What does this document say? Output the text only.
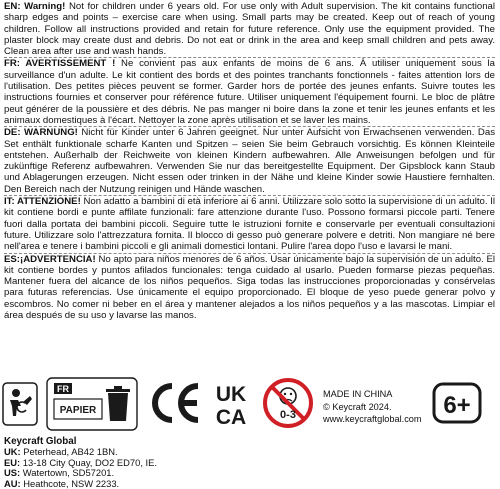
EN: Warning! Not for children under 6 years old. For use only with Adult supervision. The kit contains functional sharp edges and points – exercise care when using. Small parts may be created. Keep out of reach of young children. Follow all instructions provided and retain for future reference. Only use the equipment provided. The plaster block may create dust and debris. Do not eat or drink in the area and keep small children and pets away. Clean area after use and wash hands.

FR: AVERTISSEMENT ! Ne convient pas aux enfants de moins de 6 ans. À utiliser uniquement sous la surveillance d'un adulte. Le kit contient des bords et des pointes tranchants fonctionnels - faites attention lors de l'utilisation. Des petites pièces peuvent se former. Garder hors de portée des jeunes enfants. Suivre toutes les instructions fournies et conserver pour référence future. Utiliser uniquement l'équipement fourni. Le bloc de plâtre peut générer de la poussière et des débris. Ne pas manger ni boire dans la zone et tenir les jeunes enfants et les animaux domestiques à l'écart. Nettoyer la zone après utilisation et se laver les mains.

DE: WARNUNG! Nicht für Kinder unter 6 Jahren geeignet. Nur unter Aufsicht von Erwachsenen verwenden. Das Set enthält funktionale scharfe Kanten und Spitzen – seien Sie beim Gebrauch vorsichtig. Es können Kleinteile entstehen. Außerhalb der Reichweite von kleinen Kindern aufbewahren. Alle Anweisungen befolgen und für zukünftige Referenz aufbewahren. Verwenden Sie nur das bereitgestellte Equipment. Der Gipsblock kann Staub und Ablagerungen erzeugen. Nicht essen oder trinken in der Nähe und kleine Kinder sowie Haustiere fernhalten. Den Bereich nach der Nutzung reinigen und Hände waschen.

IT: ATTENZIONE! Non adatto a bambini di età inferiore ai 6 anni. Utilizzare solo sotto la supervisione di un adulto. Il kit contiene bordi e punte affilate funzionali: fare attenzione durante l'uso. Possono formarsi piccole parti. Tenere fuori dalla portata dei bambini piccoli. Seguire tutte le istruzioni fornite e conservarle per eventuali consultazioni future. Utilizzare solo l'attrezzatura fornita. Il blocco di gesso può generare polvere e detriti. Non mangiare né bere nell'area e tenere i bambini piccoli e gli animali domestici lontani. Pulire l'area dopo l'uso e lavarsi le mani.

ES:¡ADVERTENCIA! No apto para niños menores de 6 años. Usar únicamente bajo la supervisión de un adulto. El kit contiene bordes y puntos afilados funcionales: tenga cuidado al usarlo. Pueden formarse piezas pequeñas. Mantener fuera del alcance de los niños pequeños. Siga todas las instrucciones proporcionadas y consérvelas para futuras referencias. Use únicamente el equipo proporcionado. El bloque de yeso puede generar polvo y escombros. No comer ni beber en el área y mantener alejados a los niños pequeños y a las mascotas. Limpiar el área después de su uso y lavarse las manos.

FR
PAPIER
UK
CA	0-3
MADE IN CHINA
© Keycraft 2024.
www.keycraftglobal.com 6+
Keycraft Global
UK: Peterhead, AB42 1BN.
EU: 13-18 City Quay, DO2 ED70, IE.
US: Watertown, SD57201.
AU: Heathcote, NSW 2233.
